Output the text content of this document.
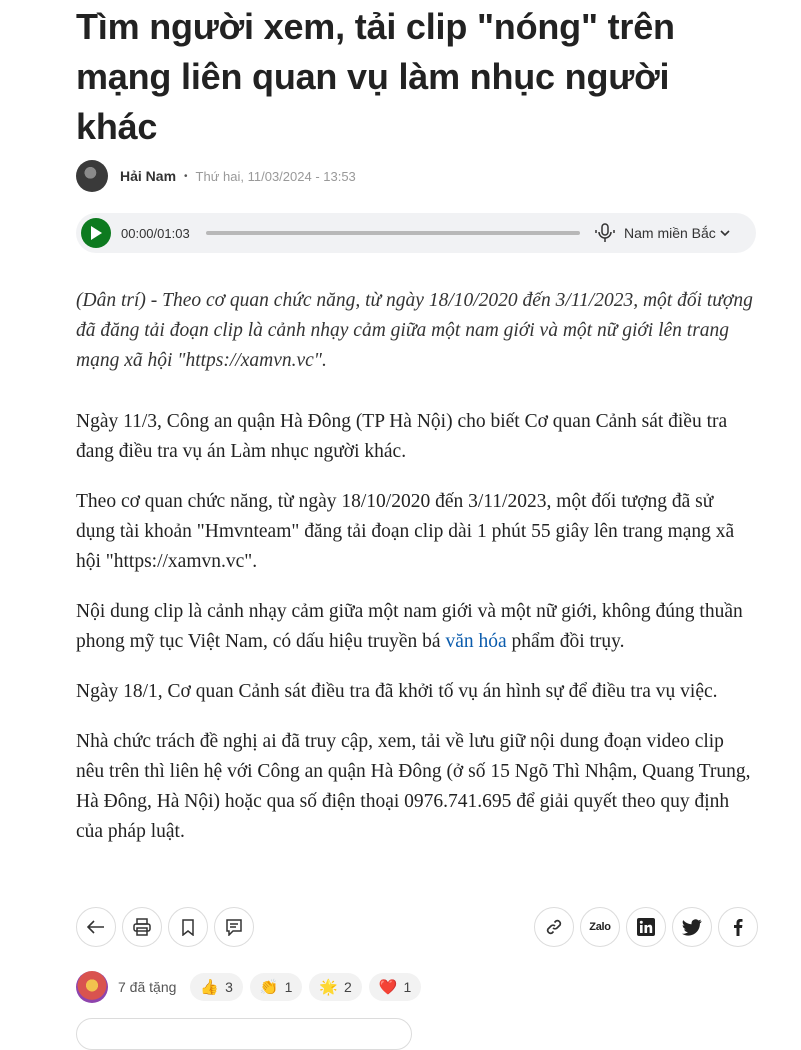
Tìm người xem, tải clip "nóng" trên mạng liên quan vụ làm nhục người khác
Hải Nam • Thứ hai, 11/03/2024 - 13:53
00:00/01:03	Nam miền Bắc

(Dân trí) - Theo cơ quan chức năng, từ ngày 18/10/2020 đến 3/11/2023, một đối tượng đã đăng tải đoạn clip là cảnh nhạy cảm giữa một nam giới và một nữ giới lên trang mạng xã hội "https://xamvn.vc".

Ngày 11/3, Công an quận Hà Đông (TP Hà Nội) cho biết Cơ quan Cảnh sát điều tra đang điều tra vụ án Làm nhục người khác.

Theo cơ quan chức năng, từ ngày 18/10/2020 đến 3/11/2023, một đối tượng đã sử dụng tài khoản "Hmvnteam" đăng tải đoạn clip dài 1 phút 55 giây lên trang mạng xã hội "https://xamvn.vc".

Nội dung clip là cảnh nhạy cảm giữa một nam giới và một nữ giới, không đúng thuần phong mỹ tục Việt Nam, có dấu hiệu truyền bá văn hóa phẩm đồi trụy.

Ngày 18/1, Cơ quan Cảnh sát điều tra đã khởi tố vụ án hình sự để điều tra vụ việc.

Nhà chức trách đề nghị ai đã truy cập, xem, tải về lưu giữ nội dung đoạn video clip nêu trên thì liên hệ với Công an quận Hà Đông (ở số 15 Ngõ Thì Nhậm, Quang Trung, Hà Đông, Hà Nội) hoặc qua số điện thoại 0976.741.695 để giải quyết theo quy định của pháp luật.

Zalo
7 đã tặng 👍 3 👏 1 🌟 2 ❤️ 1
